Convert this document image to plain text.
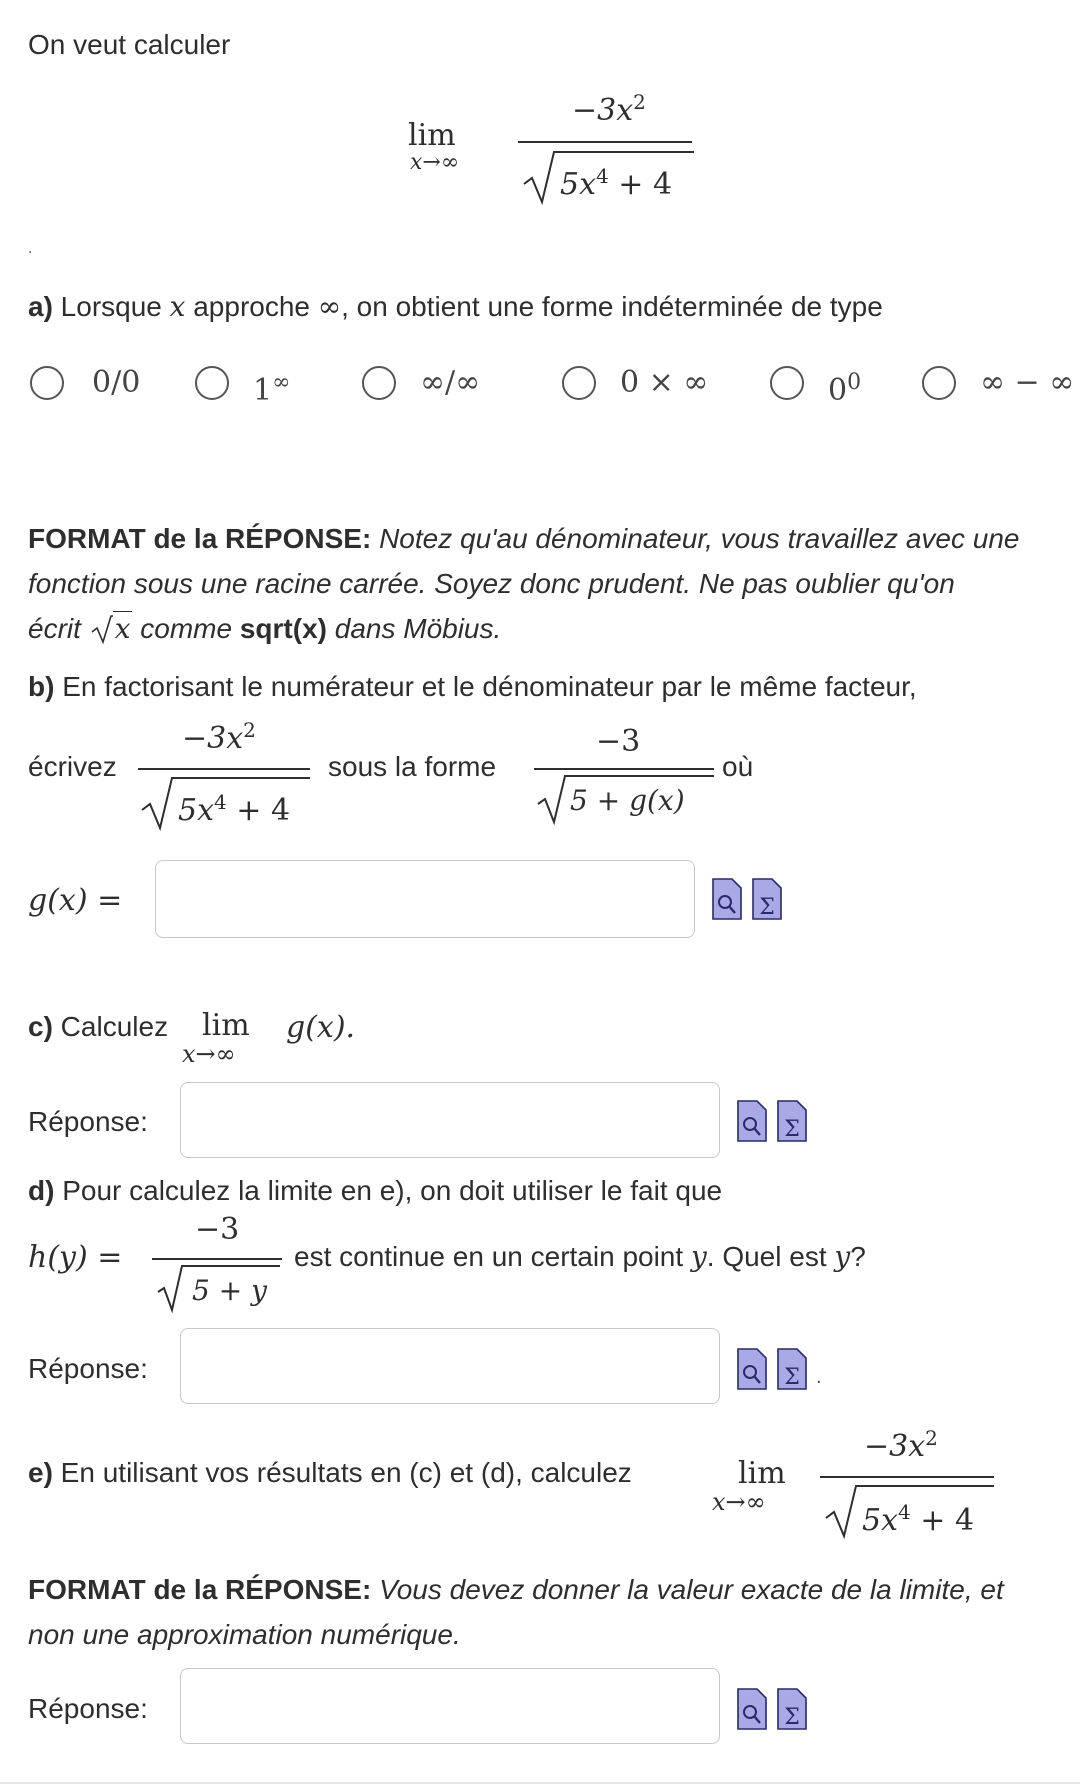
On veut calculer
lim
x→∞
$-3x^2$
$5x^4 + 4$
.
a) Lorsque x approche ∞, on obtient une forme indéterminée de type
0/0	1∞	∞/∞	0 × ∞	$0^0$	∞ − ∞
FORMAT de la RÉPONSE: Notez qu'au dénominateur, vous travaillez avec une
fonction sous une racine carrée. Soyez donc prudent. Ne pas oublier qu'on
écrit x comme sqrt(x) dans Möbius.
b) En factorisant le numérateur et le dénominateur par le même facteur,
écrivez
$-3x^2$
$5x^4 + 4$
sous la forme
−3
5 + g(x)
où
g(x) =	Σ
c) Calculez lim
x→∞
g(x).
Réponse:	Σ
d) Pour calculez la limite en e), on doit utiliser le fait que
h(y) =
−3
5 + y
est continue en un certain point y. Quel est y?
Réponse:	Σ .
e) En utilisant vos résultats en (c) et (d), calculez	lim
x→∞
$-3x^2$
$5x^4 + 4$
FORMAT de la RÉPONSE: Vous devez donner la valeur exacte de la limite, et
non une approximation numérique.
Réponse:	Σ
